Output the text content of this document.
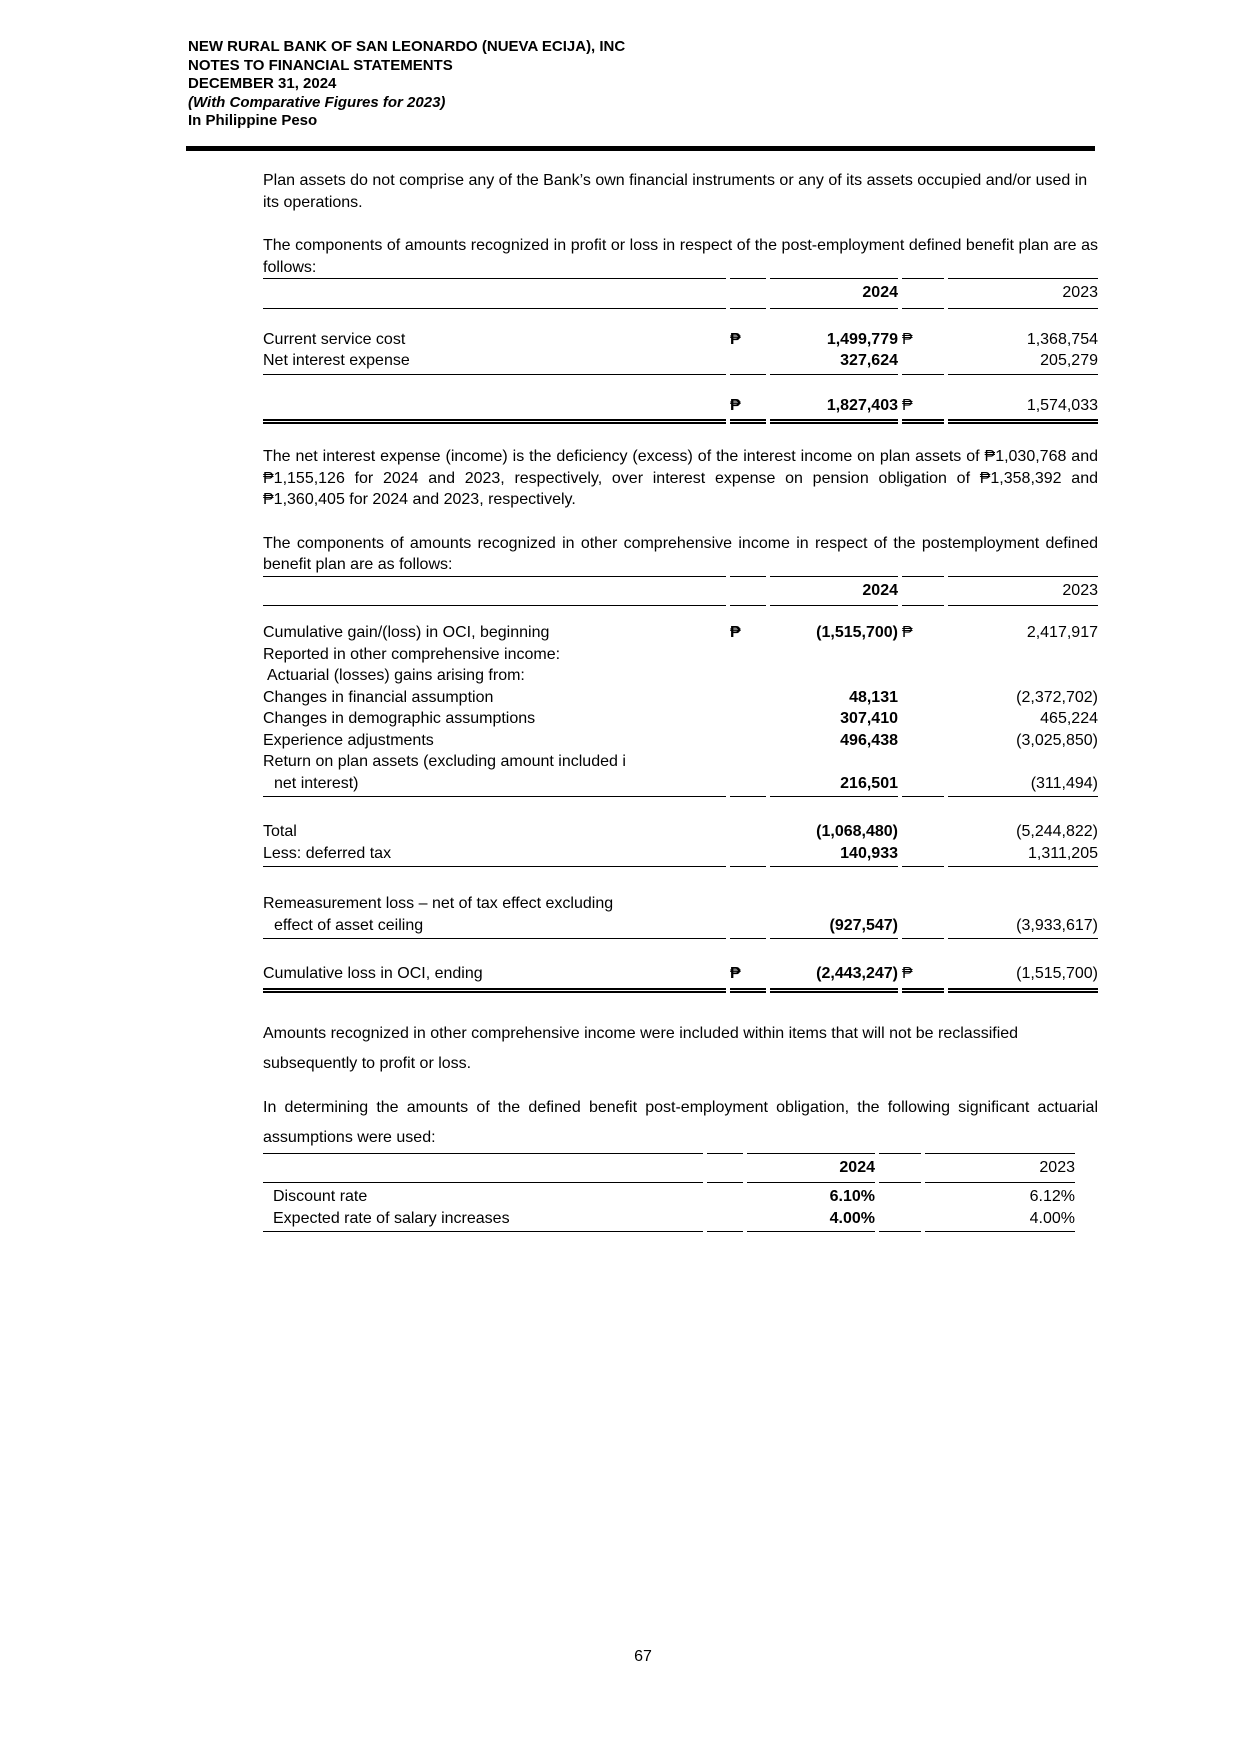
NEW RURAL BANK OF SAN LEONARDO (NUEVA ECIJA), INC
NOTES TO FINANCIAL STATEMENTS
DECEMBER 31, 2024
(With Comparative Figures for 2023)
In Philippine Peso

Plan assets do not comprise any of the Bank’s own financial instruments or any of its assets occupied and/or used in its operations.

The components of amounts recognized in profit or loss in respect of the post-employment defined benefit plan are as follows:

2024	2023
Current service cost	₱	1,499,779 ₱	1,368,754
Net interest expense	327,624	205,279
₱	1,827,403 ₱	1,574,033

The net interest expense (income) is the deficiency (excess) of the interest income on plan assets of ₱1,030,768 and ₱1,155,126 for 2024 and 2023, respectively, over interest expense on pension obligation of ₱1,358,392 and ₱1,360,405 for 2024 and 2023, respectively.

The components of amounts recognized in other comprehensive income in respect of the postemployment defined benefit plan are as follows:

2024	2023
Cumulative gain/(loss) in OCI, beginning	₱	(1,515,700) ₱	2,417,917
Reported in other comprehensive income:
Actuarial (losses) gains arising from:
Changes in financial assumption	48,131	(2,372,702)
Changes in demographic assumptions	307,410	465,224
Experience adjustments	496,438	(3,025,850)
Return on plan assets (excluding amount included i
net interest)	216,501	(311,494)
Total	(1,068,480)	(5,244,822)
Less: deferred tax	140,933	1,311,205
Remeasurement loss – net of tax effect excluding
effect of asset ceiling	(927,547)	(3,933,617)
Cumulative loss in OCI, ending	₱	(2,443,247) ₱	(1,515,700)

Amounts recognized in other comprehensive income were included within items that will not be reclassified subsequently to profit or loss.

In determining the amounts of the defined benefit post-employment obligation, the following significant actuarial assumptions were used:

2024	2023
Discount rate	6.10%	6.12%
Expected rate of salary increases	4.00%	4.00%
67
